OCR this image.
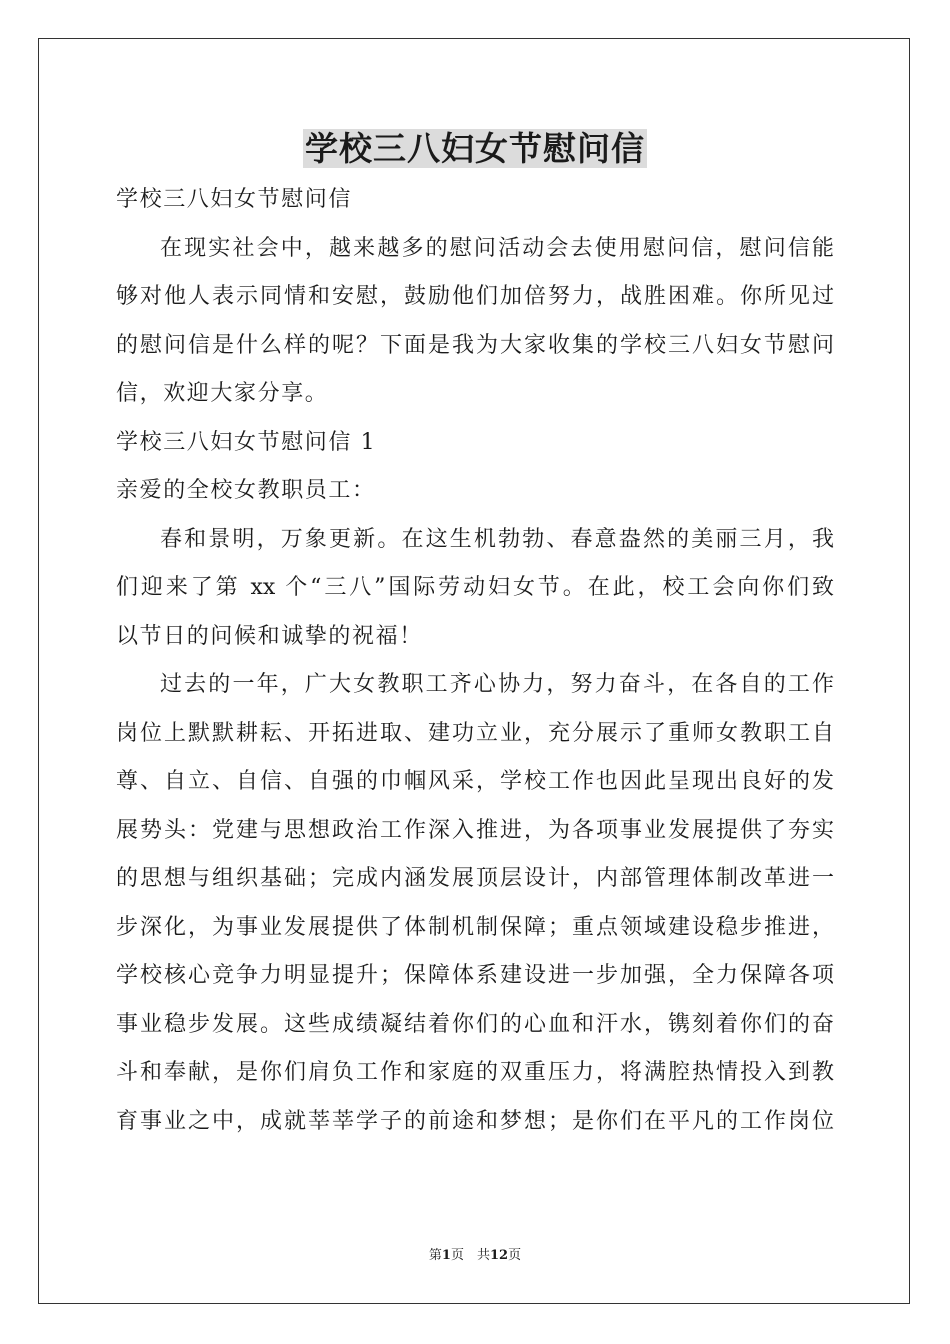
学校三八妇女节慰问信
学校三八妇女节慰问信
在现实社会中，越来越多的慰问活动会去使用慰问信，慰问信能
够对他人表示同情和安慰，鼓励他们加倍努力，战胜困难。你所见过
的慰问信是什么样的呢？下面是我为大家收集的学校三八妇女节慰问
信，欢迎大家分享。
学校三八妇女节慰问信 1
亲爱的全校女教职员工：
春和景明，万象更新。在这生机勃勃、春意盎然的美丽三月，我
们迎来了第 xx 个“三八”国际劳动妇女节。在此，校工会向你们致
以节日的问候和诚挚的祝福！
过去的一年，广大女教职工齐心协力，努力奋斗，在各自的工作
岗位上默默耕耘、开拓进取、建功立业，充分展示了重师女教职工自
尊、自立、自信、自强的巾帼风采，学校工作也因此呈现出良好的发
展势头：党建与思想政治工作深入推进，为各项事业发展提供了夯实
的思想与组织基础；完成内涵发展顶层设计，内部管理体制改革进一
步深化，为事业发展提供了体制机制保障；重点领域建设稳步推进，
学校核心竞争力明显提升；保障体系建设进一步加强，全力保障各项
事业稳步发展。这些成绩凝结着你们的心血和汗水，镌刻着你们的奋
斗和奉献，是你们肩负工作和家庭的双重压力，将满腔热情投入到教
育事业之中，成就莘莘学子的前途和梦想；是你们在平凡的工作岗位
第1页　共12页
